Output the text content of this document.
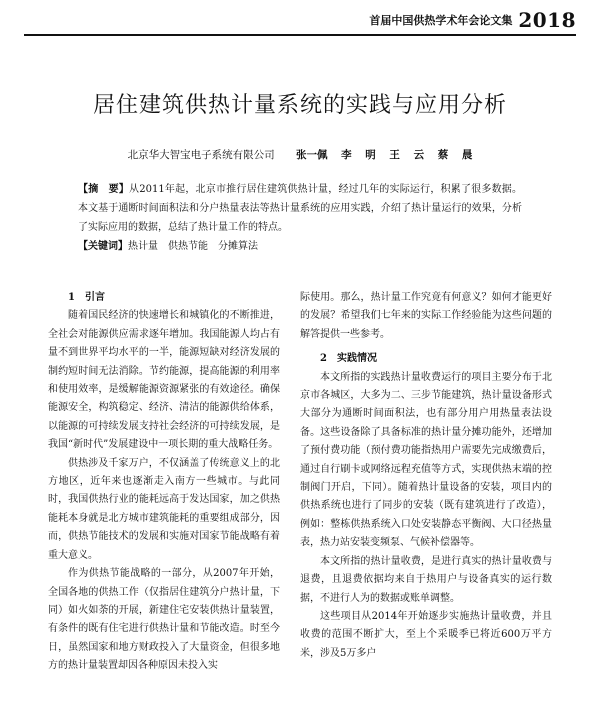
首届中国供热学术年会论文集 2018
居住建筑供热计量系统的实践与应用分析
北京华大智宝电子系统有限公司 张一佩 李 明 王 云 蔡 晨
【摘　要】从2011年起，北京市推行居住建筑供热计量，经过几年的实际运行，积累了很多数据。本文基于通断时间面积法和分户热量表法等热计量系统的应用实践，介绍了热计量运行的效果，分析了实际应用的数据，总结了热计量工作的特点。
【关键词】热计量　供热节能　分摊算法
1　引言

随着国民经济的快速增长和城镇化的不断推进，全社会对能源供应需求逐年增加。我国能源人均占有量不到世界平均水平的一半，能源短缺对经济发展的制约短时间无法消除。节约能源，提高能源的利用率和使用效率，是缓解能源资源紧张的有效途径。确保能源安全，构筑稳定、经济、清洁的能源供给体系，以能源的可持续发展支持社会经济的可持续发展，是我国“新时代”发展建设中一项长期的重大战略任务。

供热涉及千家万户，不仅涵盖了传统意义上的北方地区，近年来也逐渐走入南方一些城市。与此同时，我国供热行业的能耗远高于发达国家，加之供热能耗本身就是北方城市建筑能耗的重要组成部分，因而，供热节能技术的发展和实施对国家节能战略有着重大意义。

作为供热节能战略的一部分，从2007年开始，全国各地的供热工作（仅指居住建筑分户热计量，下同）如火如荼的开展，新建住宅安装供热计量装置，有条件的既有住宅进行供热计量和节能改造。时至今日，虽然国家和地方财政投入了大量资金，但很多地方的热计量装置却因各种原因未投入实

际使用。那么，热计量工作究竟有何意义？如何才能更好的发展？希望我们七年来的实际工作经验能为这些问题的解答提供一些参考。

2　实践情况

本文所指的实践热计量收费运行的项目主要分布于北京市各城区，大多为二、三步节能建筑，热计量设备形式大部分为通断时间面积法，也有部分用户用热量表法设备。这些设备除了具备标准的热计量分摊功能外，还增加了预付费功能（预付费功能指热用户需要先完成缴费后，通过自行刷卡或网络远程充值等方式，实现供热末端的控制阀门开启，下同）。随着热计量设备的安装，项目内的供热系统也进行了同步的安装（既有建筑进行了改造），例如：整栋供热系统入口处安装静态平衡阀、大口径热量表，热力站安装变频泵、气候补偿器等。

本文所指的热计量收费，是进行真实的热计量收费与退费，且退费依据均来自于热用户与设备真实的运行数据，不进行人为的数据或账单调整。

这些项目从2014年开始逐步实施热计量收费，并且收费的范围不断扩大，至上个采暖季已将近600万平方米，涉及5万多户
